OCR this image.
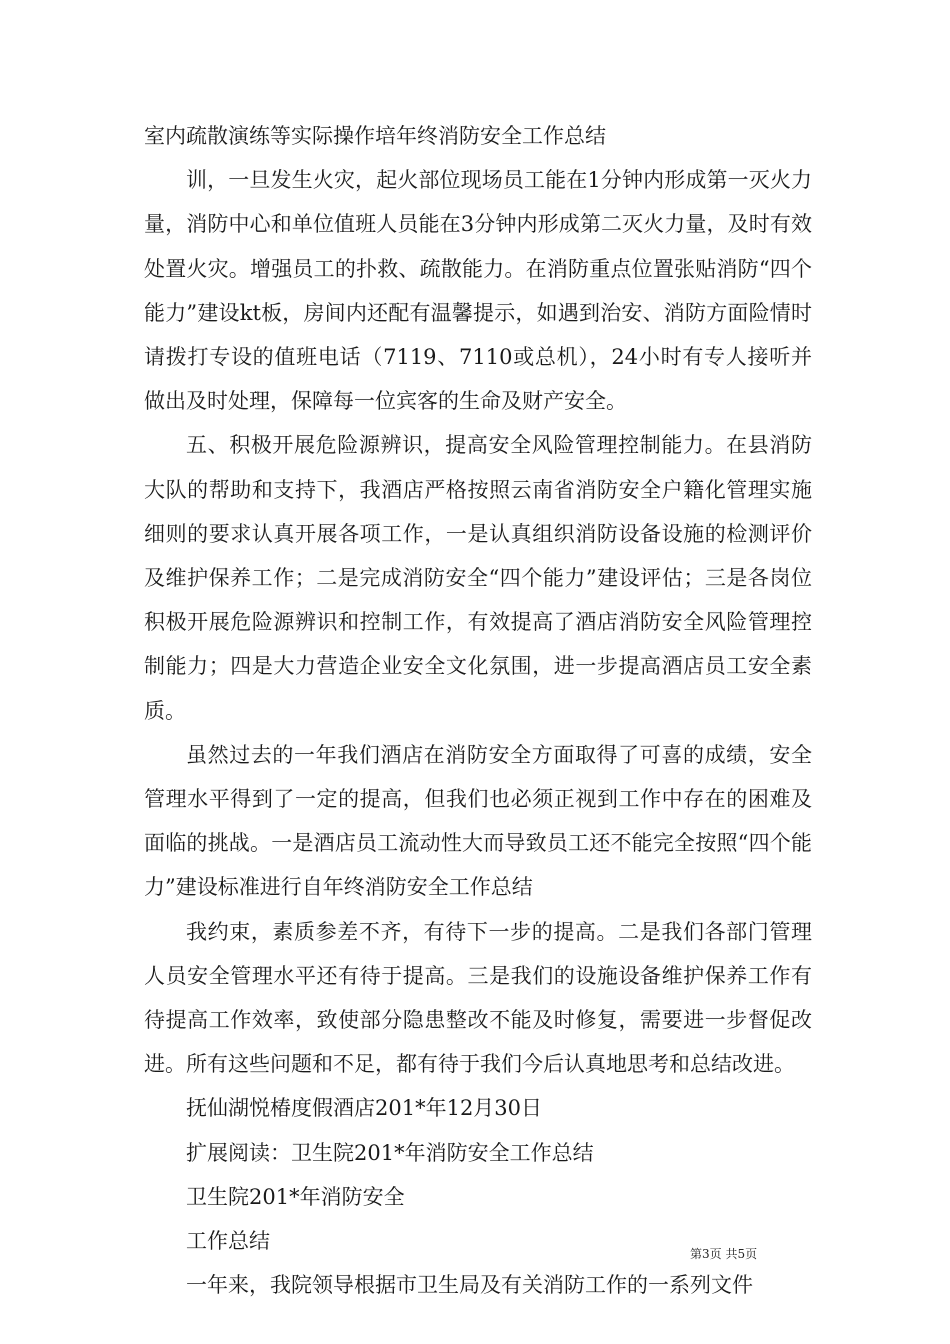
室内疏散演练等实际操作培年终消防安全工作总结

训，一旦发生火灾，起火部位现场员工能在1分钟内形成第一灭火力量，消防中心和单位值班人员能在3分钟内形成第二灭火力量，及时有效处置火灾。增强员工的扑救、疏散能力。在消防重点位置张贴消防“四个能力”建设kt板，房间内还配有温馨提示，如遇到治安、消防方面险情时请拨打专设的值班电话（7119、7110或总机），24小时有专人接听并做出及时处理，保障每一位宾客的生命及财产安全。

五、积极开展危险源辨识，提高安全风险管理控制能力。在县消防大队的帮助和支持下，我酒店严格按照云南省消防安全户籍化管理实施细则的要求认真开展各项工作，一是认真组织消防设备设施的检测评价及维护保养工作；二是完成消防安全“四个能力”建设评估；三是各岗位积极开展危险源辨识和控制工作，有效提高了酒店消防安全风险管理控制能力；四是大力营造企业安全文化氛围，进一步提高酒店员工安全素质。

虽然过去的一年我们酒店在消防安全方面取得了可喜的成绩，安全管理水平得到了一定的提高，但我们也必须正视到工作中存在的困难及面临的挑战。一是酒店员工流动性大而导致员工还不能完全按照“四个能力”建设标准进行自年终消防安全工作总结

我约束，素质参差不齐，有待下一步的提高。二是我们各部门管理人员安全管理水平还有待于提高。三是我们的设施设备维护保养工作有待提高工作效率，致使部分隐患整改不能及时修复，需要进一步督促改进。所有这些问题和不足，都有待于我们今后认真地思考和总结改进。

抚仙湖悦椿度假酒店201*年12月30日

扩展阅读：卫生院201*年消防安全工作总结

卫生院201*年消防安全

工作总结

一年来，我院领导根据市卫生局及有关消防工作的一系列文件

第3页 共5页
